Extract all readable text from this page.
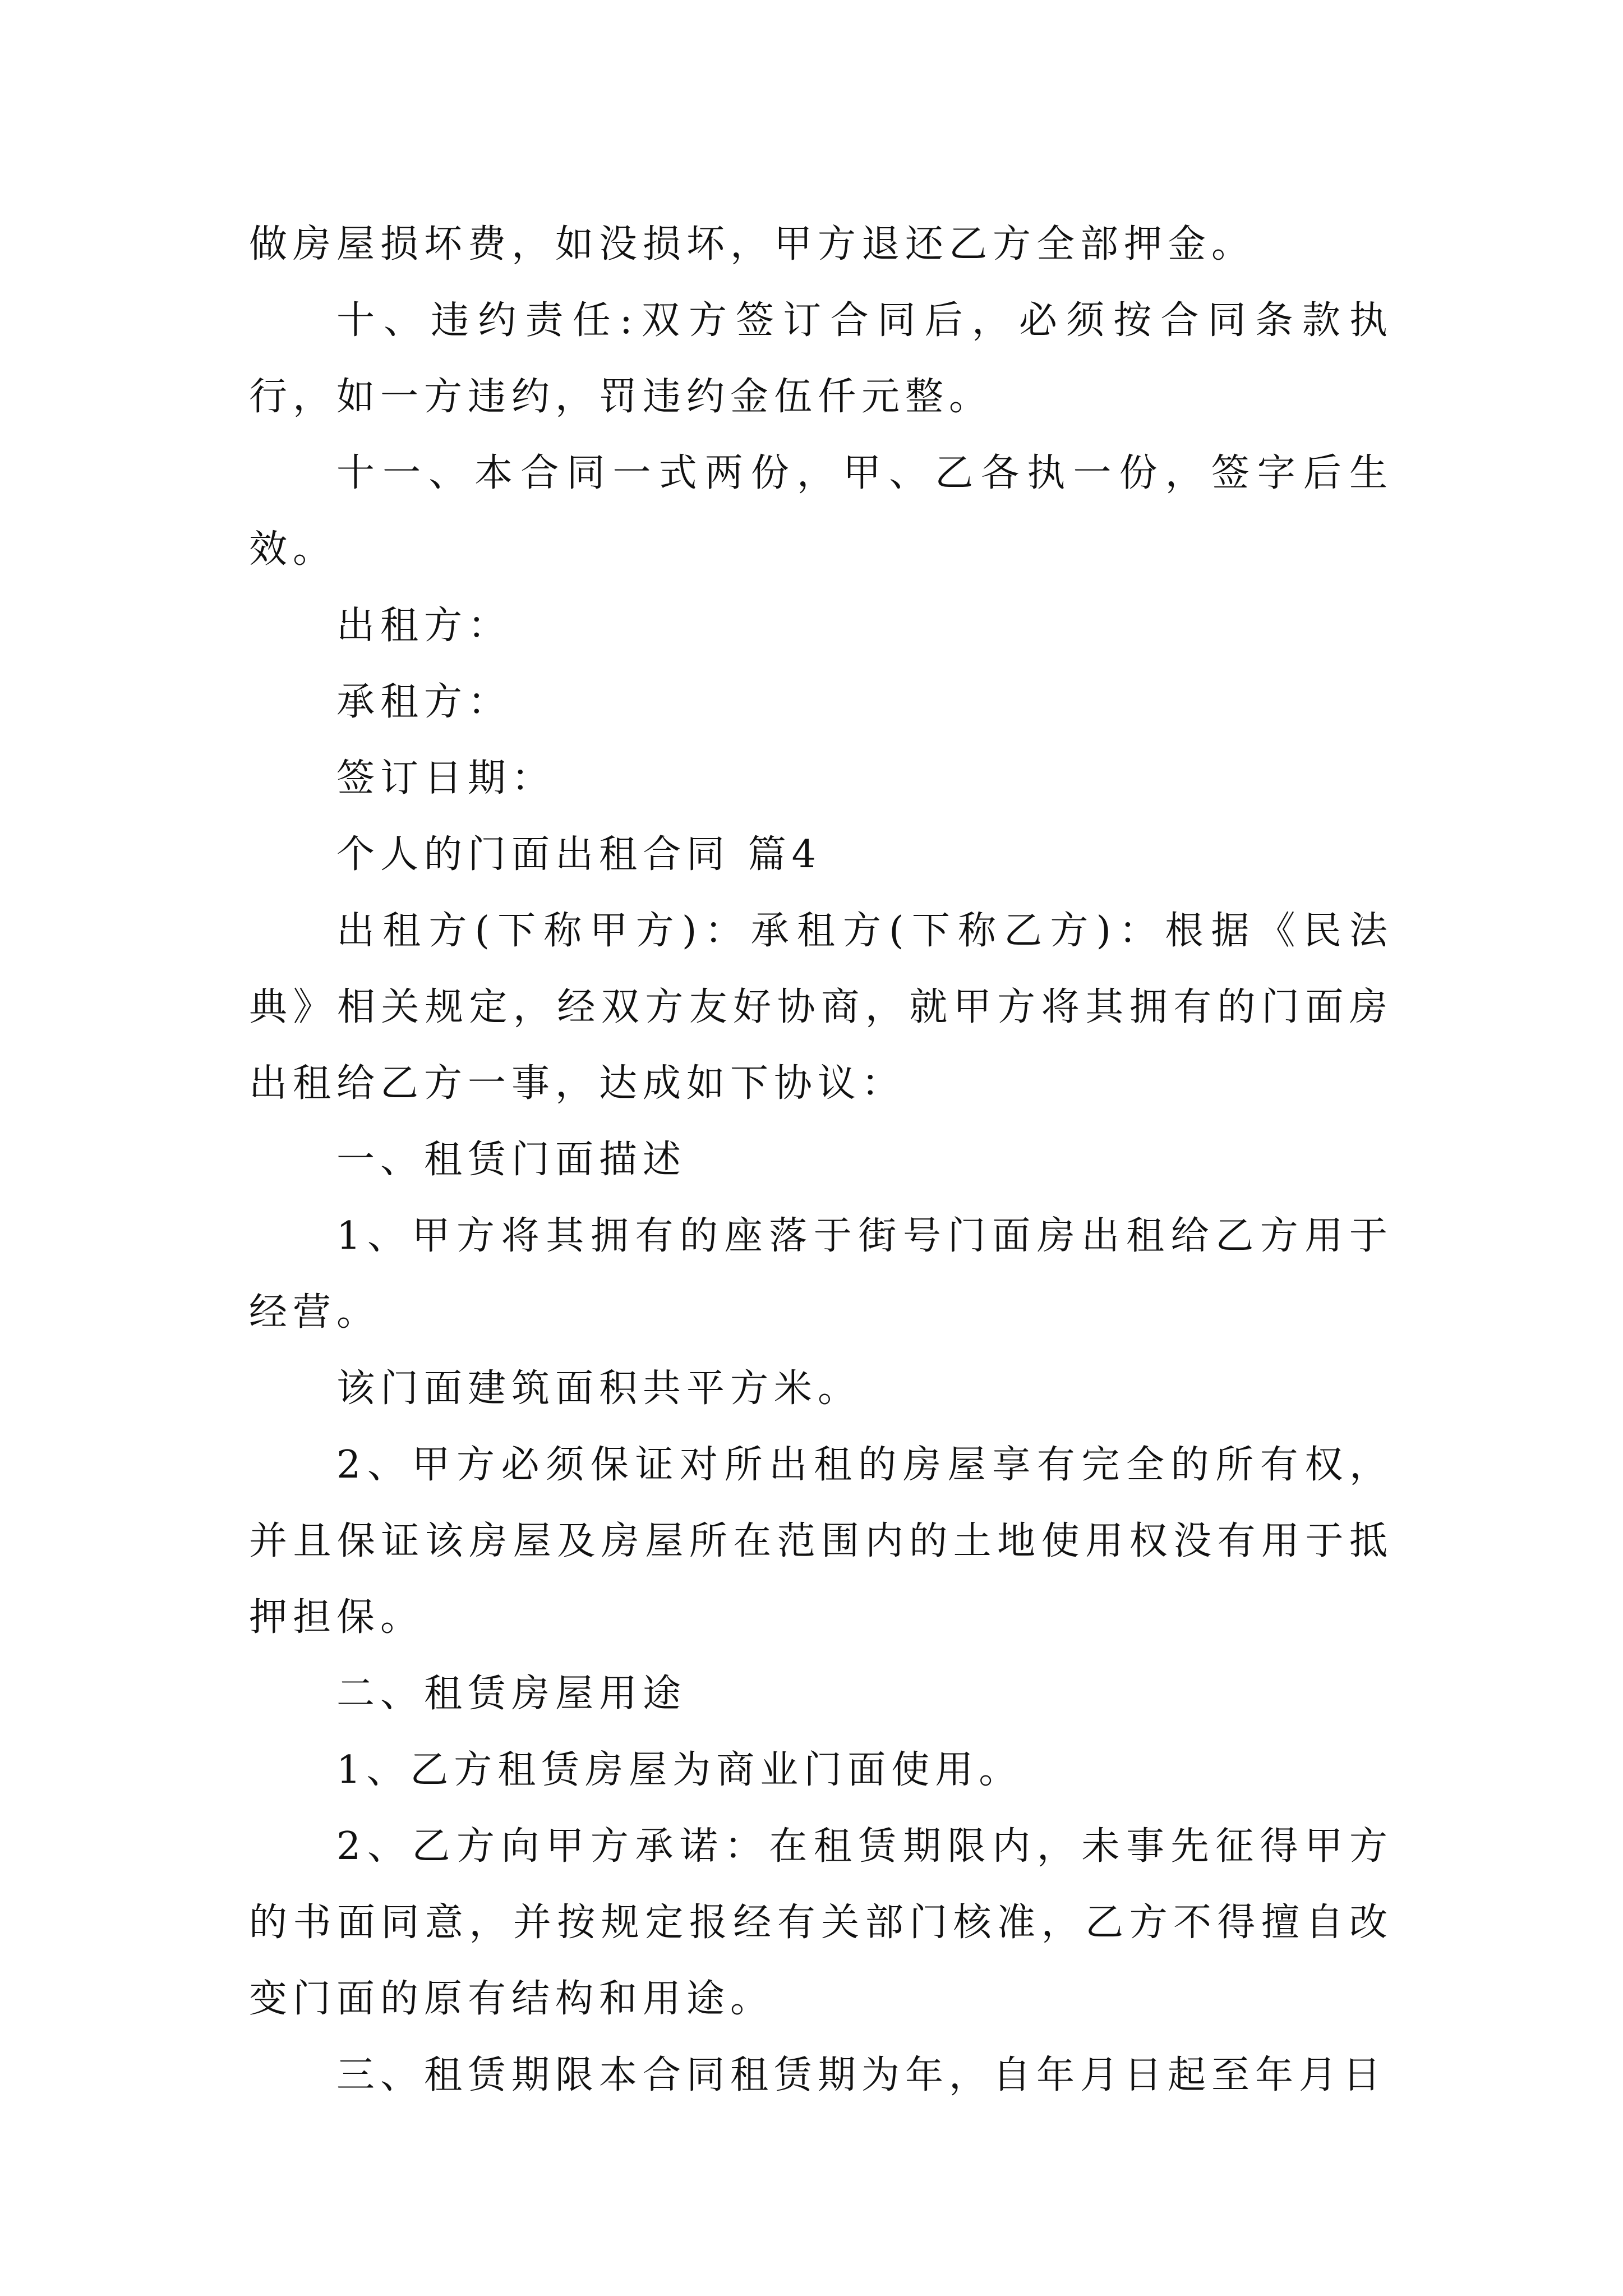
做房屋损坏费，如没损坏，甲方退还乙方全部押金。

十、违约责任:双方签订合同后，必须按合同条款执行，如一方违约，罚违约金伍仟元整。

十一、本合同一式两份，甲、乙各执一份，签字后生效。

出租方：

承租方：

签订日期：

个人的门面出租合同 篇4

出租方(下称甲方)：承租方(下称乙方)：根据《民法典》相关规定，经双方友好协商，就甲方将其拥有的门面房出租给乙方一事，达成如下协议：

一、租赁门面描述

1、甲方将其拥有的座落于街号门面房出租给乙方用于经营。

该门面建筑面积共平方米。

2、甲方必须保证对所出租的房屋享有完全的所有权，并且保证该房屋及房屋所在范围内的土地使用权没有用于抵押担保。

二、租赁房屋用途

1、乙方租赁房屋为商业门面使用。

2、乙方向甲方承诺：在租赁期限内，未事先征得甲方的书面同意，并按规定报经有关部门核准，乙方不得擅自改变门面的原有结构和用途。

三、租赁期限本合同租赁期为年，自年月日起至年月日
